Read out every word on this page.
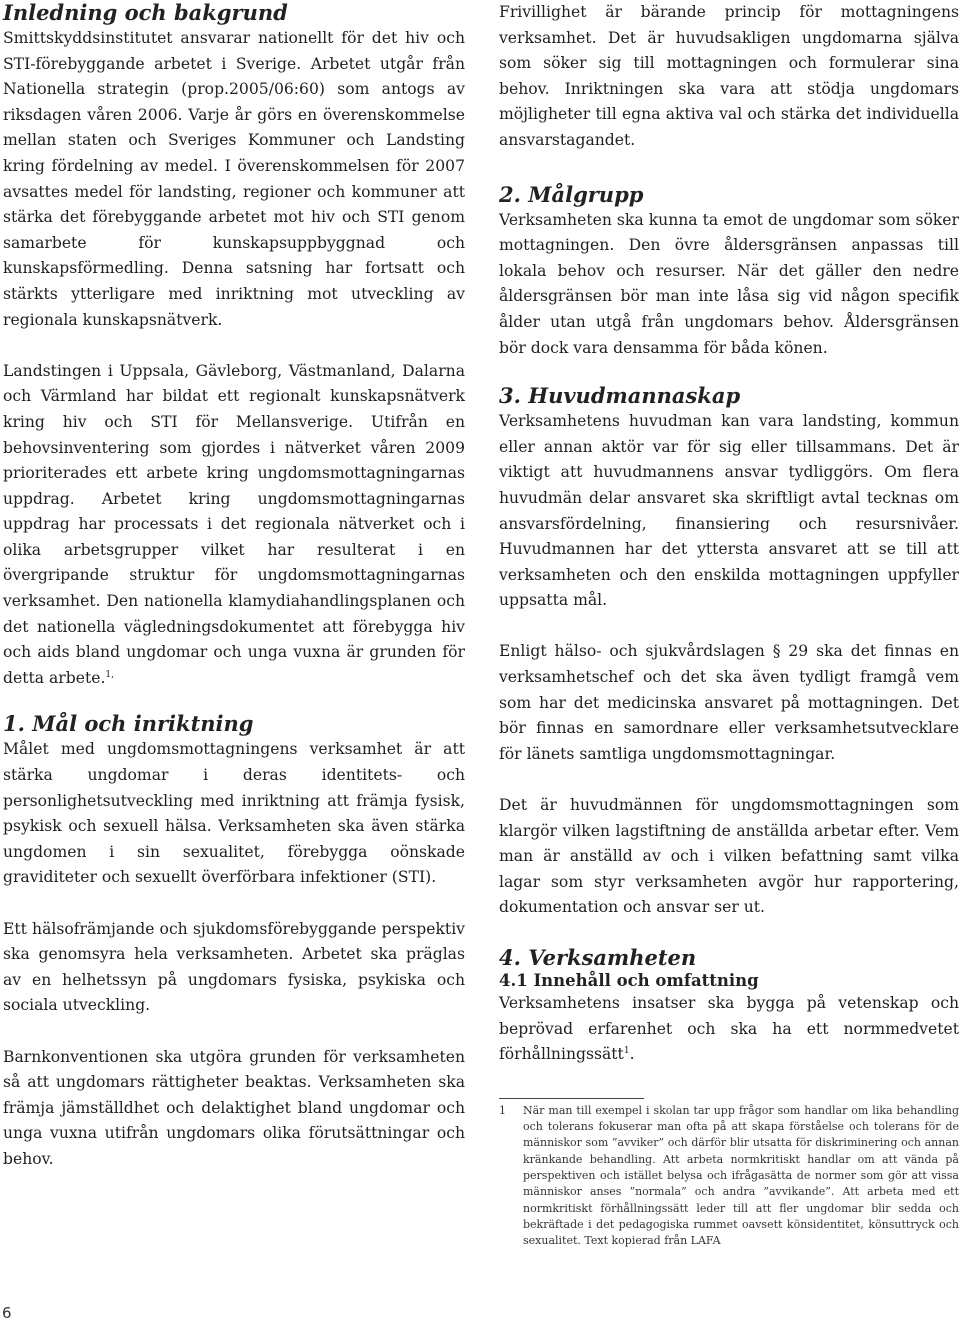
Inledning och bakgrund

Smittskyddsinstitutet ansvarar nationellt för det hiv och STI-förebyggande arbetet i Sverige. Arbetet utgår från Nationella strategin (prop.2005/06:60) som antogs av riksdagen våren 2006. Varje år görs en överenskommelse mellan staten och Sveriges Kommuner och Landsting kring fördelning av medel. I överenskommelsen för 2007 avsattes medel för landsting, regioner och kommuner att stärka det förebyggande arbetet mot hiv och STI genom samarbete för kunskapsuppbyggnad och kunskapsförmedling. Denna satsning har fortsatt och stärkts ytterligare med inriktning mot utveckling av regionala kunskapsnätverk.

Landstingen i Uppsala, Gävleborg, Västmanland, Dalarna och Värmland har bildat ett regionalt kunskapsnätverk kring hiv och STI för Mellansverige. Utifrån en behovsinventering som gjordes i nätverket våren 2009 prioriterades ett arbete kring ungdomsmottagningarnas uppdrag. Arbetet kring ungdomsmottagningarnas uppdrag har processats i det regionala nätverket och i olika arbetsgrupper vilket har resulterat i en övergripande struktur för ungdomsmottagningarnas verksamhet. Den nationella klamydiahandlingsplanen och det nationella vägledningsdokumentet att förebygga hiv och aids bland ungdomar och unga vuxna är grunden för detta arbete.$^{1,}$

1. Mål och inriktning

Målet med ungdomsmottagningens verksamhet är att stärka ungdomar i deras identitets- och personlighetsutveckling med inriktning att främja fysisk, psykisk och sexuell hälsa. Verksamheten ska även stärka ungdomen i sin sexualitet, förebygga oönskade graviditeter och sexuellt överförbara infektioner (STI).

Ett hälsofrämjande och sjukdomsförebyggande perspektiv ska genomsyra hela verksamheten. Arbetet ska präglas av en helhetssyn på ungdomars fysiska, psykiska och sociala utveckling.

Barnkonventionen ska utgöra grunden för verksamheten så att ungdomars rättigheter beaktas. Verksamheten ska främja jämställdhet och delaktighet bland ungdomar och unga vuxna utifrån ungdomars olika förutsättningar och behov.

Frivillighet är bärande princip för mottagningens verksamhet. Det är huvudsakligen ungdomarna själva som söker sig till mottagningen och formulerar sina behov. Inriktningen ska vara att stödja ungdomars möjligheter till egna aktiva val och stärka det individuella ansvarstagandet.

2. Målgrupp

Verksamheten ska kunna ta emot de ungdomar som söker mottagningen. Den övre åldersgränsen anpassas till lokala behov och resurser. När det gäller den nedre åldersgränsen bör man inte låsa sig vid någon specifik ålder utan utgå från ungdomars behov. Åldersgränsen bör dock vara densamma för båda könen.

3. Huvudmannaskap

Verksamhetens huvudman kan vara landsting, kommun eller annan aktör var för sig eller tillsammans. Det är viktigt att huvudmannens ansvar tydliggörs. Om flera huvudmän delar ansvaret ska skriftligt avtal tecknas om ansvarsfördelning, finansiering och resursnivåer. Huvudmannen har det yttersta ansvaret att se till att verksamheten och den enskilda mottagningen uppfyller uppsatta mål.

Enligt hälso- och sjukvårdslagen § 29 ska det finnas en verksamhetschef och det ska även tydligt framgå vem som har det medicinska ansvaret på mottagningen. Det bör finnas en samordnare eller verksamhetsutvecklare för länets samtliga ungdomsmottagningar.

Det är huvudmännen för ungdomsmottagningen som klargör vilken lagstiftning de anställda arbetar efter. Vem man är anställd av och i vilken befattning samt vilka lagar som styr verksamheten avgör hur rapportering, dokumentation och ansvar ser ut.

4. Verksamheten
4.1 Innehåll och omfattning

Verksamhetens insatser ska bygga på vetenskap och beprövad erfarenhet och ska ha ett normmedvetet förhållningssätt$^1$.

1	När man till exempel i skolan tar upp frågor som handlar om lika behandling och tolerans fokuserar man ofta på att skapa förståelse och tolerans för de människor som ”avviker” och därför blir utsatta för diskriminering och annan kränkande behandling. Att arbeta normkritiskt handlar om att vända på perspektiven och istället belysa och ifrågasätta de normer som gör att vissa människor anses ”normala” och andra ”avvikande”. Att arbeta med ett normkritiskt förhållningssätt leder till att fler ungdomar blir sedda och bekräftade i det pedagogiska rummet oavsett könsidentitet, könsuttryck och sexualitet. Text kopierad från LAFA
6
